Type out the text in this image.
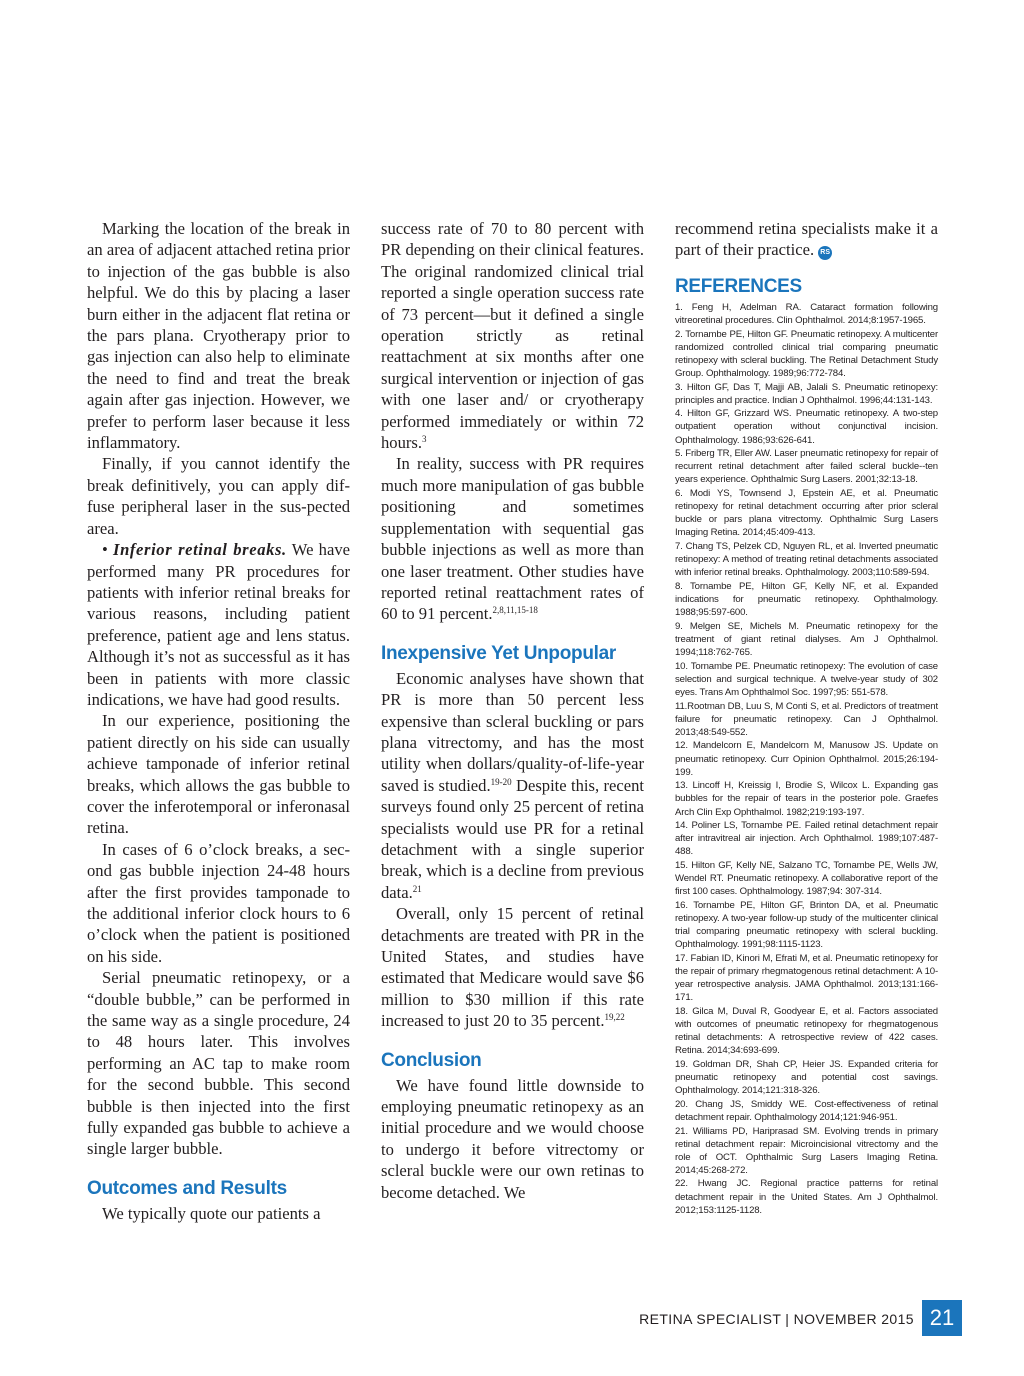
Marking the location of the break in an area of adjacent attached retina prior to injection of the gas bubble is also helpful. We do this by placing a laser burn either in the adjacent flat retina or the pars plana. Cryotherapy prior to gas injection can also help to eliminate the need to find and treat the break again after gas injection. However, we prefer to perform laser because it less inflammatory.

Finally, if you cannot identify the break definitively, you can apply diffuse peripheral laser in the sus-pected area.

• Inferior retinal breaks. We have performed many PR procedures for patients with inferior retinal breaks for various reasons, including patient preference, patient age and lens status. Although it’s not as successful as it has been in patients with more classic indications, we have had good results.

In our experience, positioning the patient directly on his side can usually achieve tamponade of inferior retinal breaks, which allows the gas bubble to cover the inferotemporal or inferonasal retina.

In cases of 6 o’clock breaks, a second gas bubble injection 24-48 hours after the first provides tamponade to the additional inferior clock hours to 6 o’clock when the patient is positioned on his side.

Serial pneumatic retinopexy, or a “double bubble,” can be performed in the same way as a single procedure, 24 to 48 hours later. This involves performing an AC tap to make room for the second bubble. This second bubble is then injected into the first fully expanded gas bubble to achieve a single larger bubble.

Outcomes and Results

We typically quote our patients a

success rate of 70 to 80 percent with PR depending on their clinical features. The original randomized clinical trial reported a single operation success rate of 73 percent—but it defined a single operation strictly as retinal reattachment at six months after one surgical intervention or injection of gas with one laser and/ or cryotherapy performed immediately or within 72 hours.$^3$

In reality, success with PR requires much more manipulation of gas bubble positioning and sometimes supplementation with sequential gas bubble injections as well as more than one laser treatment. Other studies have reported retinal reattachment rates of 60 to 91 percent.$^{2,8,11,15-18}$

Inexpensive Yet Unpopular

Economic analyses have shown that PR is more than 50 percent less expensive than scleral buckling or pars plana vitrectomy, and has the most utility when dollars/quality-of-life-year saved is studied.$^{19-20}$ Despite this, recent surveys found only 25 percent of retina specialists would use PR for a retinal detachment with a single superior break, which is a decline from previous data.$^{21}$

Overall, only 15 percent of retinal detachments are treated with PR in the United States, and studies have estimated that Medicare would save $6 million to $30 million if this rate increased to just 20 to 35 percent.$^{19,22}$

Conclusion

We have found little downside to employing pneumatic retinopexy as an initial procedure and we would choose to undergo it before vitrectomy or scleral buckle were our own retinas to become detached. We

recommend retina specialists make it a part of their practice. RS

REFERENCES
1. Feng H, Adelman RA. Cataract formation following vitreoretinal procedures. Clin Ophthalmol. 2014;8:1957-1965.
2. Tornambe PE, Hilton GF. Pneumatic retinopexy. A multicenter randomized controlled clinical trial comparing pneumatic retinopexy with scleral buckling. The Retinal Detachment Study Group. Ophthalmology. 1989;96:772-784.
3. Hilton GF, Das T, Majji AB, Jalali S. Pneumatic retinopexy: principles and practice. Indian J Ophthalmol. 1996;44:131-143.
4. Hilton GF, Grizzard WS. Pneumatic retinopexy. A two-step outpatient operation without conjunctival incision. Ophthalmology. 1986;93:626-641.
5. Friberg TR, Eller AW. Laser pneumatic retinopexy for repair of recurrent retinal detachment after failed scleral buckle--ten years experience. Ophthalmic Surg Lasers. 2001;32:13-18.
6. Modi YS, Townsend J, Epstein AE, et al. Pneumatic retinopexy for retinal detachment occurring after prior scleral buckle or pars plana vitrectomy. Ophthalmic Surg Lasers Imaging Retina. 2014;45:409-413.
7. Chang TS, Pelzek CD, Nguyen RL, et al. Inverted pneumatic retinopexy: A method of treating retinal detachments associated with inferior retinal breaks. Ophthalmology. 2003;110:589-594.
8. Tornambe PE, Hilton GF, Kelly NF, et al. Expanded indications for pneumatic retinopexy. Ophthalmology. 1988;95:597-600.
9. Melgen SE, Michels M. Pneumatic retinopexy for the treatment of giant retinal dialyses. Am J Ophthalmol. 1994;118:762-765.
10. Tornambe PE. Pneumatic retinopexy: The evolution of case selection and surgical technique. A twelve-year study of 302 eyes. Trans Am Ophthalmol Soc. 1997;95: 551-578.
11.Rootman DB, Luu S, M Conti S, et al. Predictors of treatment failure for pneumatic retinopexy. Can J Ophthalmol. 2013;48:549-552.
12. Mandelcorn E, Mandelcorn M, Manusow JS. Update on pneumatic retinopexy. Curr Opinion Ophthalmol. 2015;26:194-199.
13. Lincoff H, Kreissig I, Brodie S, Wilcox L. Expanding gas bubbles for the repair of tears in the posterior pole. Graefes Arch Clin Exp Ophthalmol. 1982;219:193-197.
14. Poliner LS, Tornambe PE. Failed retinal detachment repair after intravitreal air injection. Arch Ophthalmol. 1989;107:487-488.
15. Hilton GF, Kelly NE, Salzano TC, Tornambe PE, Wells JW, Wendel RT. Pneumatic retinopexy. A collaborative report of the first 100 cases. Ophthalmology. 1987;94: 307-314.
16. Tornambe PE, Hilton GF, Brinton DA, et al. Pneumatic retinopexy. A two-year follow-up study of the multicenter clinical trial comparing pneumatic retinopexy with scleral buckling. Ophthalmology. 1991;98:1115-1123.
17. Fabian ID, Kinori M, Efrati M, et al. Pneumatic retinopexy for the repair of primary rhegmatogenous retinal detachment: A 10-year retrospective analysis. JAMA Ophthalmol. 2013;131:166-171.
18. Gilca M, Duval R, Goodyear E, et al. Factors associated with outcomes of pneumatic retinopexy for rhegmatogenous retinal detachments: A retrospective review of 422 cases. Retina. 2014;34:693-699.
19. Goldman DR, Shah CP, Heier JS. Expanded criteria for pneumatic retinopexy and potential cost savings. Ophthalmology. 2014;121:318-326.
20. Chang JS, Smiddy WE. Cost-effectiveness of retinal detachment repair. Ophthalmology 2014;121:946-951.
21. Williams PD, Hariprasad SM. Evolving trends in primary retinal detachment repair: Microincisional vitrectomy and the role of OCT. Ophthalmic Surg Lasers Imaging Retina. 2014;45:268-272.
22. Hwang JC. Regional practice patterns for retinal detachment repair in the United States. Am J Ophthalmol. 2012;153:1125-1128.
RETINA SPECIALIST | NOVEMBER 2015 21
